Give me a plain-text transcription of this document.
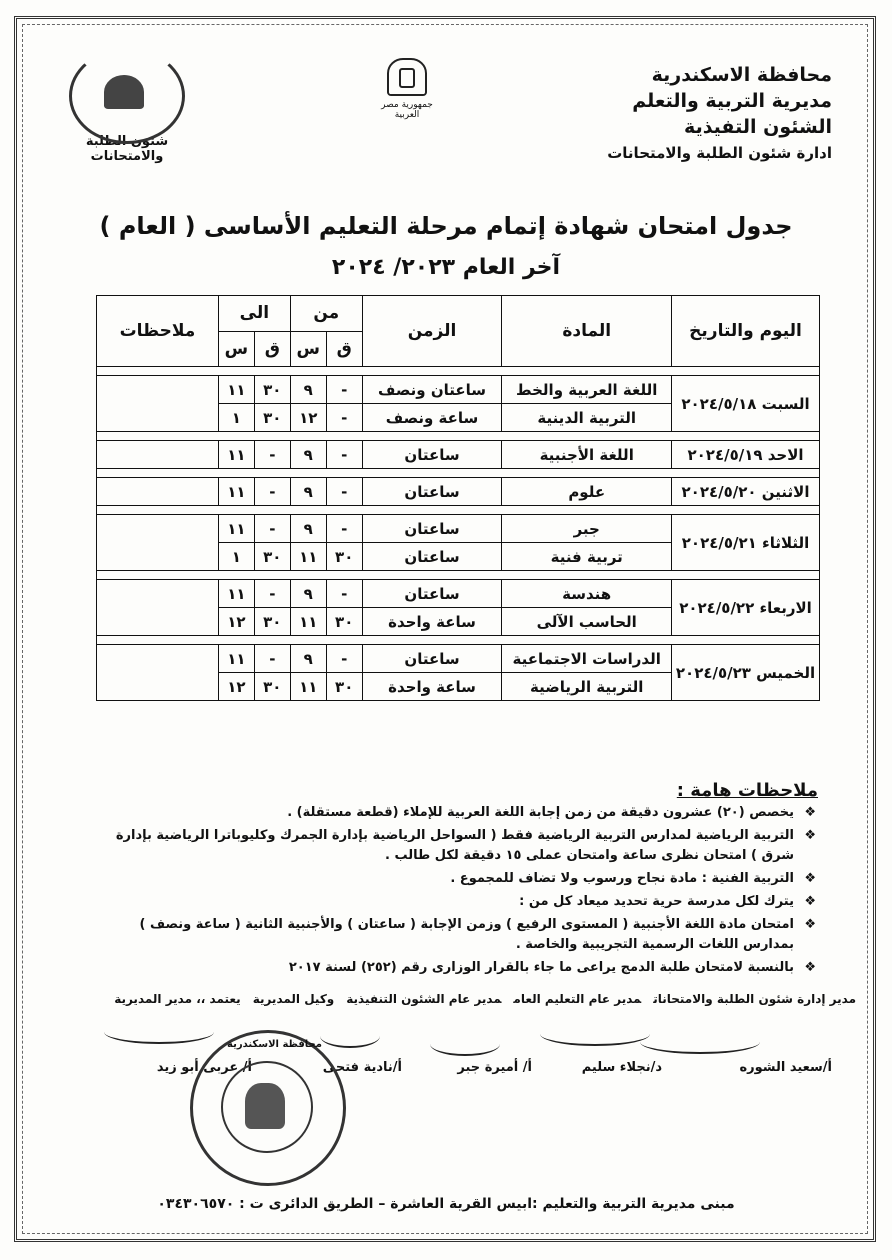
محافظة الاسكندرية
مديرية التربية والتعلم
الشئون التفيذية
ادارة شئون الطلبة والامتحانات
جمهورية مصر العربية
شئون الطلبة والامتحانات
جدول امتحان شهادة إتمام مرحلة التعليم الأساسى ( العام )
آخر العام ٢٠٢٣/ ٢٠٢٤
اليوم والتاريخ	المادة	الزمن	من		الى		ملاحظات
			ق	س	ق	س	

السبت ٢٠٢٤/٥/١٨	اللغة العربية والخط	ساعتان ونصف	-	٩	٣٠	١١	
	التربية الدينية	ساعة ونصف	-	١٢	٣٠	١	

الاحد ٢٠٢٤/٥/١٩	اللغة الأجنبية	ساعتان	-	٩	-	١١	

الاثنين ٢٠٢٤/٥/٢٠	علوم	ساعتان	-	٩	-	١١	

الثلاثاء ٢٠٢٤/٥/٢١	جبر	ساعتان	-	٩	-	١١	
	تربية فنية	ساعتان	٣٠	١١	٣٠	١	

الاربعاء ٢٠٢٤/٥/٢٢	هندسة	ساعتان	-	٩	-	١١	
	الحاسب الآلى	ساعة واحدة	٣٠	١١	٣٠	١٢	

الخميس ٢٠٢٤/٥/٢٣	الدراسات الاجتماعية	ساعتان	-	٩	-	١١	
	التربية الرياضية	ساعة واحدة	٣٠	١١	٣٠	١٢	
ملاحظات هامة :
❖
يخصص (٢٠) عشرون دقيقة من زمن إجابة اللغة العربية للإملاء (قطعة مستقلة) .
❖
التربية الرياضية لمدارس التربية الرياضية فقط ( السواحل الرياضية بإدارة الجمرك وكليوباترا الرياضية بإدارة شرق ) امتحان نظرى ساعة وامتحان عملى ١٥ دقيقة لكل طالب .
❖
التربية الفنية : مادة نجاح ورسوب ولا تضاف للمجموع .
❖
يترك لكل مدرسة حرية تحديد ميعاد كل من :
❖
امتحان مادة اللغة الأجنبية ( المستوى الرفيع ) وزمن الإجابة ( ساعتان ) والأجنبية الثانية ( ساعة ونصف ) بمدارس اللغات الرسمية التجريبية والخاصة .
❖
بالنسبة لامتحان طلبة الدمج يراعى ما جاء بالقرار الوزارى رقم (٢٥٢) لسنة ٢٠١٧
مدير إدارة شئون الطلبة والامتحاناتمدير عام التعليم العاممدير عام الشئون التنفيذيةوكيل المديريةيعتمد ،، مدير المديرية
أ/سعيد الشوره
د/نجلاء سليم
أ/ أميرة جبر
أ/نادية فتحى
أ/ عربى أبو زيد
محافظة الاسكندرية
مبنى مديرية التربية والتعليم :ابيس القرية العاشرة – الطريق الدائرى ت : ٠٣٤٣٠٦٥٧٠
